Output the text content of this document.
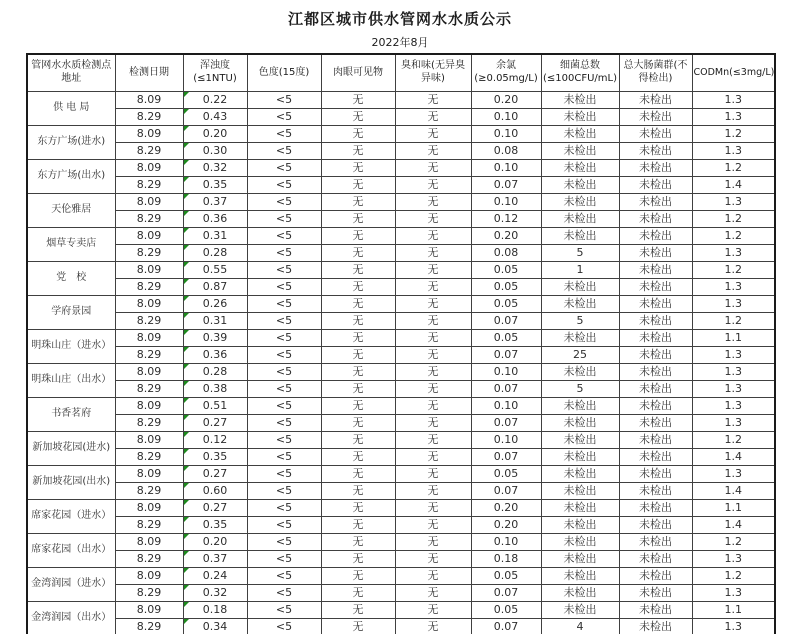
江都区城市供水管网水水质公示
2022年8月
管网水水质检测点地址	检测日期	浑浊度(≤1NTU)	色度(15度)	肉眼可见物	臭和味(无异臭异味)	余氯(≥0.05mg/L)	细菌总数(≤100CFU/mL)	总大肠菌群(不得检出)	CODMn(≤3mg/L)
供 电 局	8.09	0.22	<5	无	无	0.20	未检出	未检出	1.3
	8.29	0.43	<5	无	无	0.10	未检出	未检出	1.3
东方广场(进水)	8.09	0.20	<5	无	无	0.10	未检出	未检出	1.2
	8.29	0.30	<5	无	无	0.08	未检出	未检出	1.3
东方广场(出水)	8.09	0.32	<5	无	无	0.10	未检出	未检出	1.2
	8.29	0.35	<5	无	无	0.07	未检出	未检出	1.4
天伦雅居	8.09	0.37	<5	无	无	0.10	未检出	未检出	1.3
	8.29	0.36	<5	无	无	0.12	未检出	未检出	1.2
烟草专卖店	8.09	0.31	<5	无	无	0.20	未检出	未检出	1.2
	8.29	0.28	<5	无	无	0.08	5	未检出	1.3
党　校	8.09	0.55	<5	无	无	0.05	1	未检出	1.2
	8.29	0.87	<5	无	无	0.05	未检出	未检出	1.3
学府景园	8.09	0.26	<5	无	无	0.05	未检出	未检出	1.3
	8.29	0.31	<5	无	无	0.07	5	未检出	1.2
明珠山庄（进水）	8.09	0.39	<5	无	无	0.05	未检出	未检出	1.1
	8.29	0.36	<5	无	无	0.07	25	未检出	1.3
明珠山庄（出水）	8.09	0.28	<5	无	无	0.10	未检出	未检出	1.3
	8.29	0.38	<5	无	无	0.07	5	未检出	1.3
书香茗府	8.09	0.51	<5	无	无	0.10	未检出	未检出	1.3
	8.29	0.27	<5	无	无	0.07	未检出	未检出	1.3
新加坡花园(进水)	8.09	0.12	<5	无	无	0.10	未检出	未检出	1.2
	8.29	0.35	<5	无	无	0.07	未检出	未检出	1.4
新加坡花园(出水)	8.09	0.27	<5	无	无	0.05	未检出	未检出	1.3
	8.29	0.60	<5	无	无	0.07	未检出	未检出	1.4
席家花园（进水）	8.09	0.27	<5	无	无	0.20	未检出	未检出	1.1
	8.29	0.35	<5	无	无	0.20	未检出	未检出	1.4
席家花园（出水）	8.09	0.20	<5	无	无	0.10	未检出	未检出	1.2
	8.29	0.37	<5	无	无	0.18	未检出	未检出	1.3
金湾润园（进水）	8.09	0.24	<5	无	无	0.05	未检出	未检出	1.2
	8.29	0.32	<5	无	无	0.07	未检出	未检出	1.3
金湾润园（出水）	8.09	0.18	<5	无	无	0.05	未检出	未检出	1.1
	8.29	0.34	<5	无	无	0.07	4	未检出	1.3
